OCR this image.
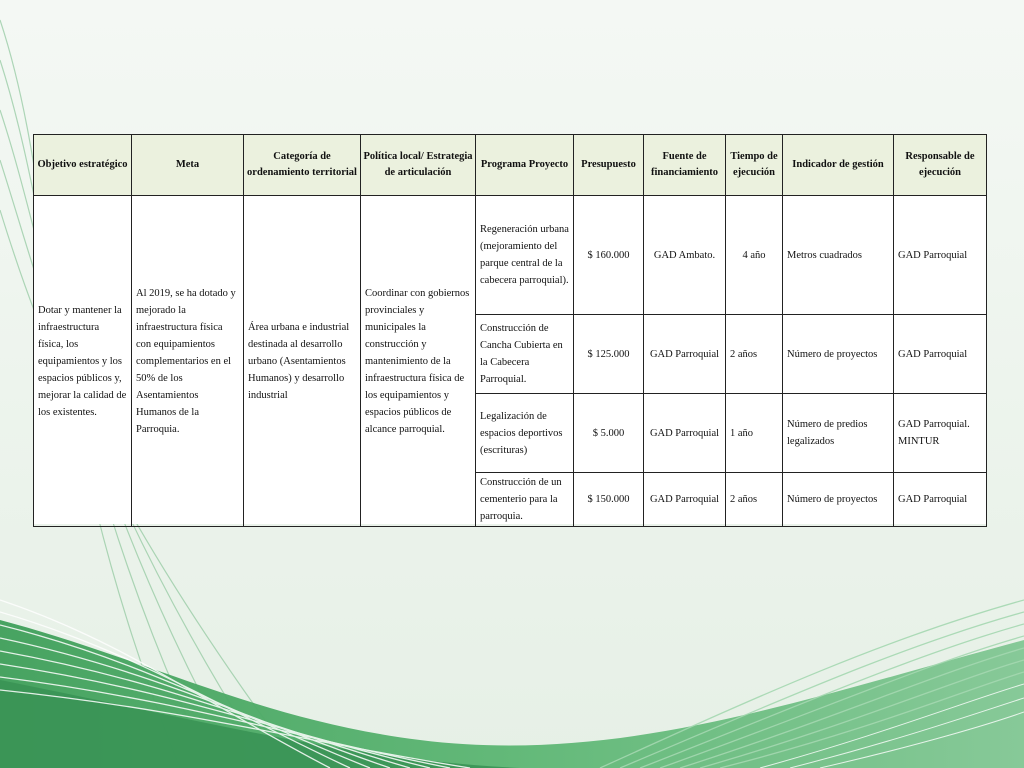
Objetivo estratégico	Meta	Categoría de ordenamiento territorial	Política local/ Estrategia de articulación	Programa Proyecto	Presupuesto	Fuente de financiamiento	Tiempo de ejecución	Indicador de gestión	Responsable de ejecución
Dotar y mantener la infraestructura física, los equipamientos y los espacios públicos y, mejorar la calidad de los existentes.	Al 2019, se ha dotado y mejorado la infraestructura física con equipamientos complementarios en el 50% de los Asentamientos Humanos de la Parroquia.	Área urbana e industrial destinada al desarrollo urbano (Asentamientos Humanos) y desarrollo industrial	Coordinar con gobiernos provinciales y municipales la construcción y mantenimiento de la infraestructura física de los equipamientos y espacios públicos de alcance parroquial.	Regeneración urbana (mejoramiento del parque central de la cabecera parroquial).	$ 160.000	GAD Ambato.	4 año	Metros cuadrados	GAD Parroquial
				Construcción de Cancha Cubierta en la Cabecera Parroquial.	$ 125.000	GAD Parroquial	2 años	Número de proyectos	GAD Parroquial
				Legalización de espacios deportivos (escrituras)	$ 5.000	GAD Parroquial	1 año	Número de predios legalizados	GAD Parroquial. MINTUR
				Construcción de un cementerio para la parroquia.	$ 150.000	GAD Parroquial	2 años	Número de proyectos	GAD Parroquial
